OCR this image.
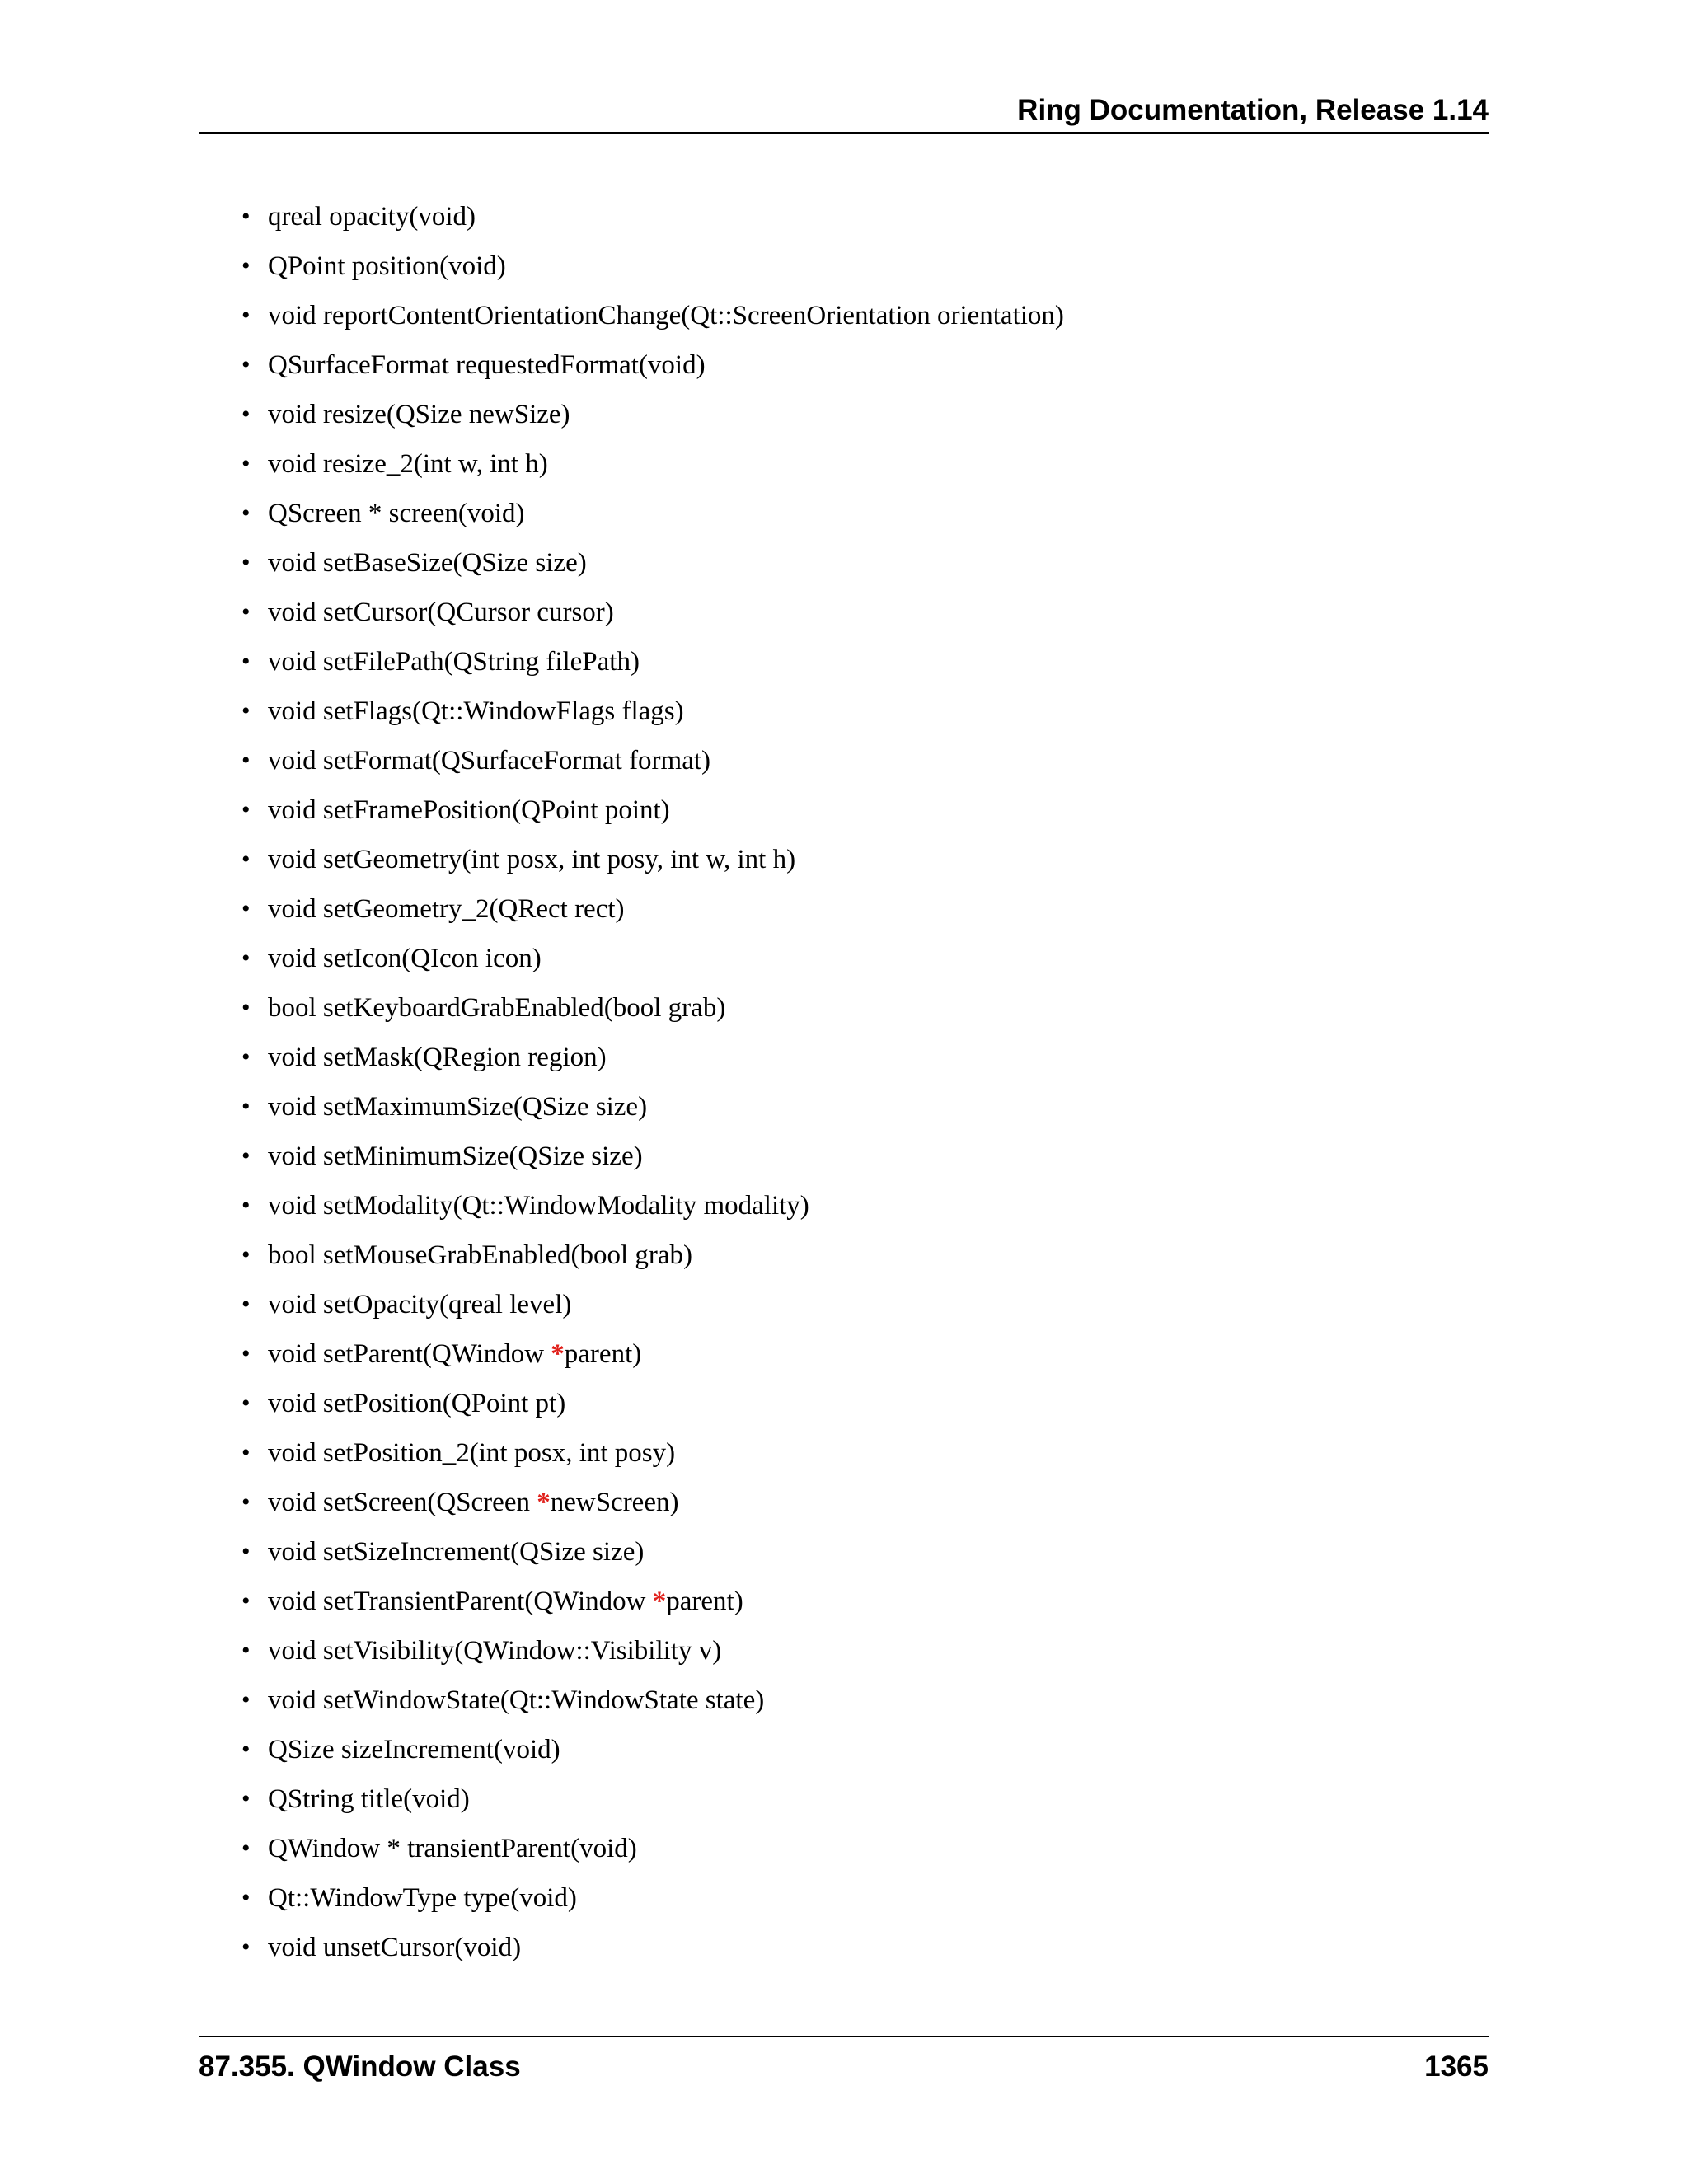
Ring Documentation, Release 1.14
• qreal opacity(void)
• QPoint position(void)
• void reportContentOrientationChange(Qt::ScreenOrientation orientation)
• QSurfaceFormat requestedFormat(void)
• void resize(QSize newSize)
• void resize_2(int w, int h)
• QScreen * screen(void)
• void setBaseSize(QSize size)
• void setCursor(QCursor cursor)
• void setFilePath(QString filePath)
• void setFlags(Qt::WindowFlags flags)
• void setFormat(QSurfaceFormat format)
• void setFramePosition(QPoint point)
• void setGeometry(int posx, int posy, int w, int h)
• void setGeometry_2(QRect rect)
• void setIcon(QIcon icon)
• bool setKeyboardGrabEnabled(bool grab)
• void setMask(QRegion region)
• void setMaximumSize(QSize size)
• void setMinimumSize(QSize size)
• void setModality(Qt::WindowModality modality)
• bool setMouseGrabEnabled(bool grab)
• void setOpacity(qreal level)
• void setParent(QWindow *parent)
• void setPosition(QPoint pt)
• void setPosition_2(int posx, int posy)
• void setScreen(QScreen *newScreen)
• void setSizeIncrement(QSize size)
• void setTransientParent(QWindow *parent)
• void setVisibility(QWindow::Visibility v)
• void setWindowState(Qt::WindowState state)
• QSize sizeIncrement(void)
• QString title(void)
• QWindow * transientParent(void)
• Qt::WindowType type(void)
• void unsetCursor(void)
87.355. QWindow Class	1365
